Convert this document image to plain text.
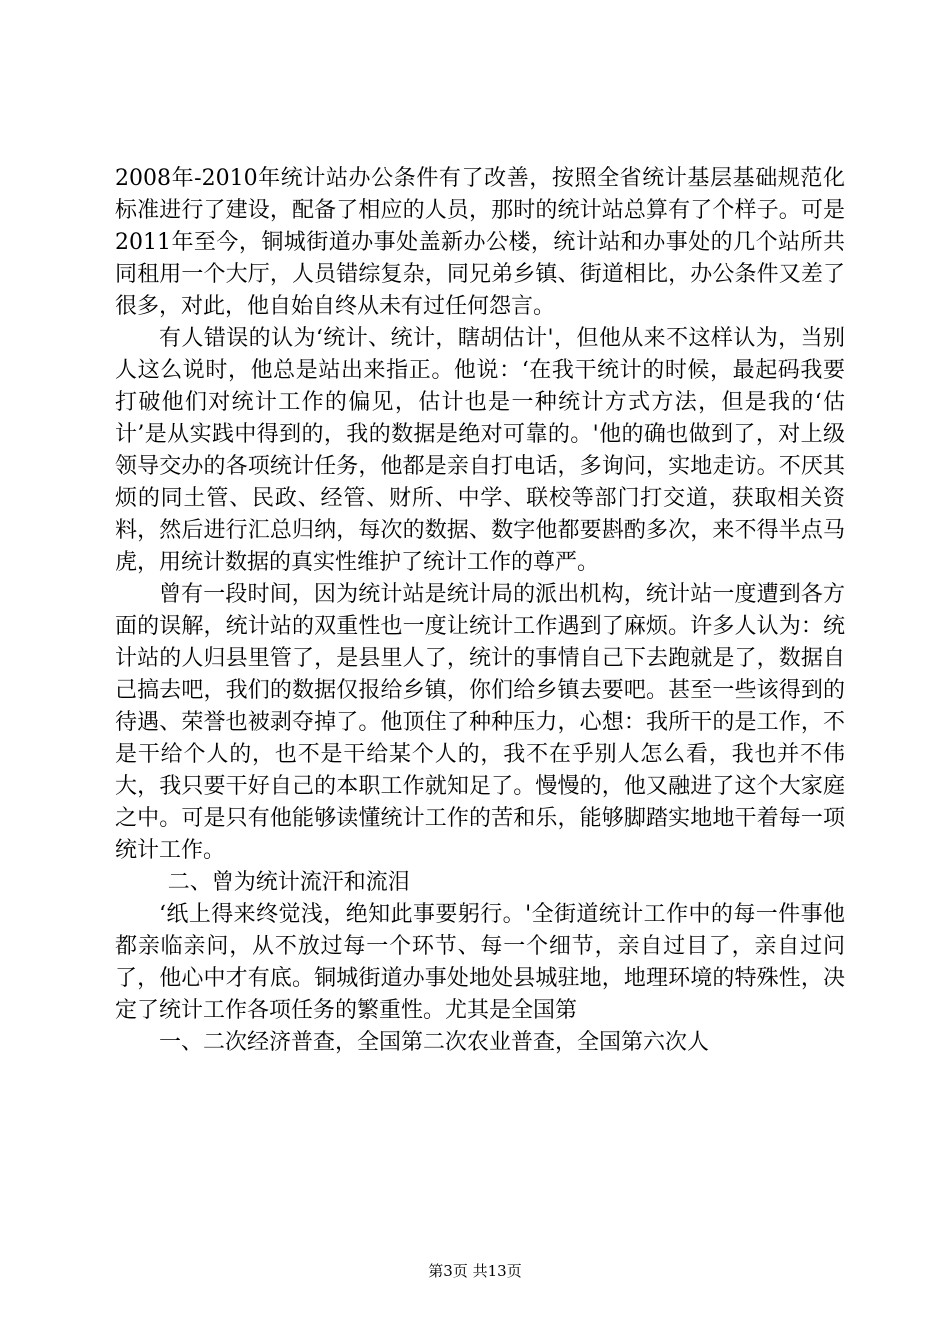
2008年-2010年统计站办公条件有了改善，按照全省统计基层基础规范化标准进行了建设，配备了相应的人员，那时的统计站总算有了个样子。可是2011年至今，铜城街道办事处盖新办公楼，统计站和办事处的几个站所共同租用一个大厅，人员错综复杂，同兄弟乡镇、街道相比，办公条件又差了很多，对此，他自始自终从未有过任何怨言。

有人错误的认为‘统计、统计，瞎胡估计'，但他从来不这样认为，当别人这么说时，他总是站出来指正。他说：‘在我干统计的时候，最起码我要打破他们对统计工作的偏见，估计也是一种统计方式方法，但是我的‘估计’是从实践中得到的，我的数据是绝对可靠的。'他的确也做到了，对上级领导交办的各项统计任务，他都是亲自打电话，多询问，实地走访。不厌其烦的同土管、民政、经管、财所、中学、联校等部门打交道，获取相关资料，然后进行汇总归纳，每次的数据、数字他都要斟酌多次，来不得半点马虎，用统计数据的真实性维护了统计工作的尊严。

曾有一段时间，因为统计站是统计局的派出机构，统计站一度遭到各方面的误解，统计站的双重性也一度让统计工作遇到了麻烦。许多人认为：统计站的人归县里管了，是县里人了，统计的事情自己下去跑就是了，数据自己搞去吧，我们的数据仅报给乡镇，你们给乡镇去要吧。甚至一些该得到的待遇、荣誉也被剥夺掉了。他顶住了种种压力，心想：我所干的是工作，不是干给个人的，也不是干给某个人的，我不在乎别人怎么看，我也并不伟大，我只要干好自己的本职工作就知足了。慢慢的，他又融进了这个大家庭之中。可是只有他能够读懂统计工作的苦和乐，能够脚踏实地地干着每一项统计工作。

二、曾为统计流汗和流泪

‘纸上得来终觉浅，绝知此事要躬行。'全街道统计工作中的每一件事他都亲临亲问，从不放过每一个环节、每一个细节，亲自过目了，亲自过问了，他心中才有底。铜城街道办事处地处县城驻地，地理环境的特殊性，决定了统计工作各项任务的繁重性。尤其是全国第

一、二次经济普查，全国第二次农业普查，全国第六次人

第3页 共13页
